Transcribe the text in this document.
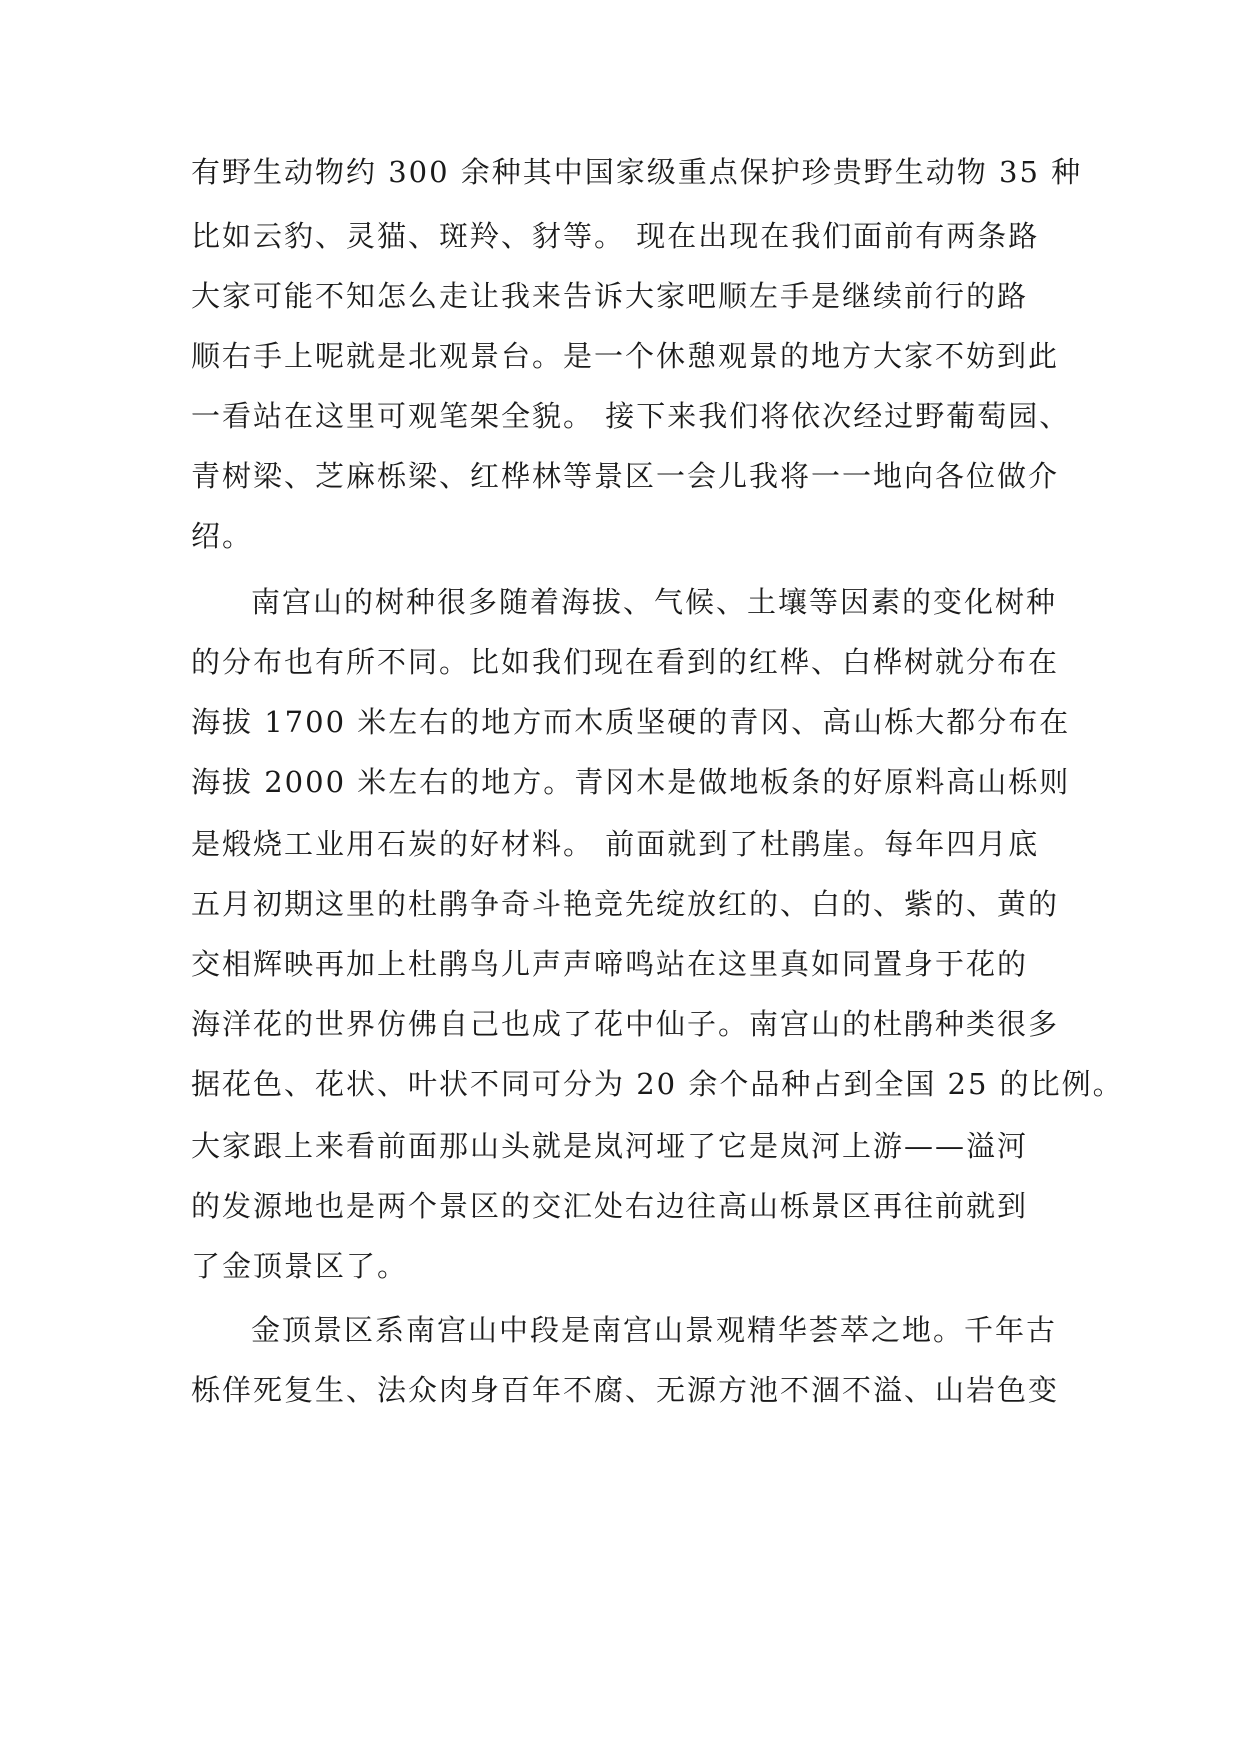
有野生动物约 300 余种其中国家级重点保护珍贵野生动物 35 种
比如云豹、灵猫、斑羚、豺等。 现在出现在我们面前有两条路
大家可能不知怎么走让我来告诉大家吧顺左手是继续前行的路
顺右手上呢就是北观景台。是一个休憩观景的地方大家不妨到此
一看站在这里可观笔架全貌。 接下来我们将依次经过野葡萄园、
青树梁、芝麻栎梁、红桦林等景区一会儿我将一一地向各位做介
绍。
南宫山的树种很多随着海拔、气候、土壤等因素的变化树种
的分布也有所不同。比如我们现在看到的红桦、白桦树就分布在
海拔 1700 米左右的地方而木质坚硬的青冈、高山栎大都分布在
海拔 2000 米左右的地方。青冈木是做地板条的好原料高山栎则
是煅烧工业用石炭的好材料。 前面就到了杜鹃崖。每年四月底
五月初期这里的杜鹃争奇斗艳竞先绽放红的、白的、紫的、黄的
交相辉映再加上杜鹃鸟儿声声啼鸣站在这里真如同置身于花的
海洋花的世界仿佛自己也成了花中仙子。南宫山的杜鹃种类很多
据花色、花状、叶状不同可分为 20 余个品种占到全国 25 的比例。
大家跟上来看前面那山头就是岚河垭了它是岚河上游——溢河
的发源地也是两个景区的交汇处右边往高山栎景区再往前就到
了金顶景区了。
金顶景区系南宫山中段是南宫山景观精华荟萃之地。千年古
栎佯死复生、法众肉身百年不腐、无源方池不涸不溢、山岩色变
